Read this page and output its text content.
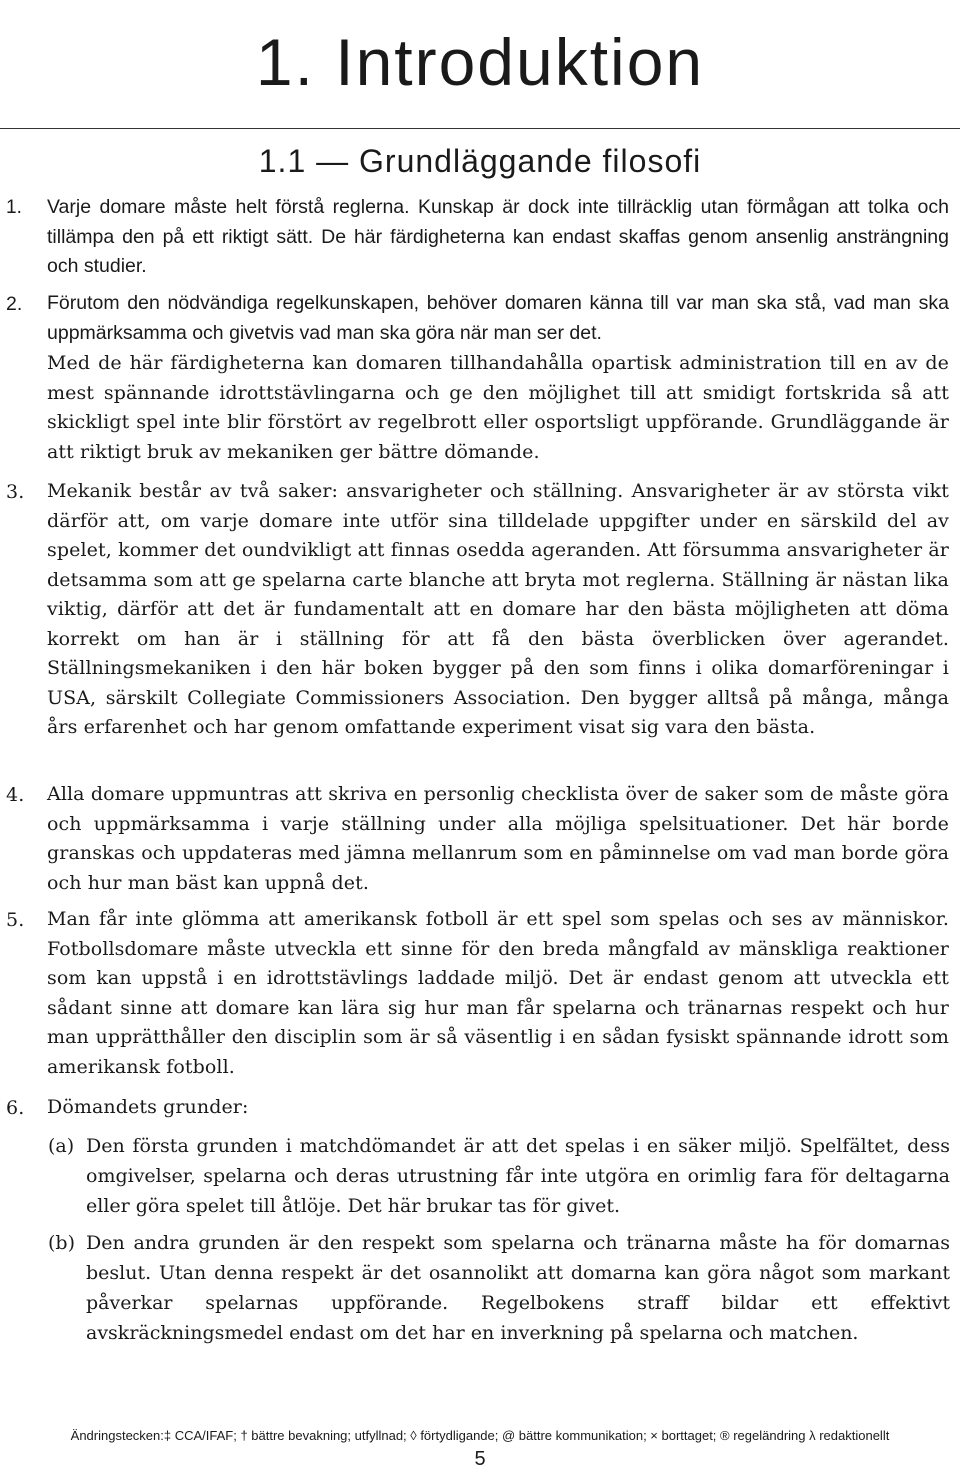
1. Introduktion
1.1 — Grundläggande filosofi
1. Varje domare måste helt förstå reglerna. Kunskap är dock inte tillräcklig utan förmågan att tolka och tillämpa den på ett riktigt sätt. De här färdigheterna kan endast skaffas genom ansenlig ansträngning och studier.
2. Förutom den nödvändiga regelkunskapen, behöver domaren känna till var man ska stå, vad man ska uppmärksamma och givetvis vad man ska göra när man ser det.
Med de här färdigheterna kan domaren tillhandahålla opartisk administration till en av de mest spännande idrottstävlingarna och ge den möjlighet till att smidigt fortskrida så att skickligt spel inte blir förstört av regelbrott eller osportsligt uppförande. Grundläggande är att riktigt bruk av mekaniken ger bättre dömande.
3. Mekanik består av två saker: ansvarigheter och ställning. Ansvarigheter är av största vikt därför att, om varje domare inte utför sina tilldelade uppgifter under en särskild del av spelet, kommer det oundvikligt att finnas osedda ageranden. Att försumma ansvarigheter är detsamma som att ge spelarna carte blanche att bryta mot reglerna. Ställning är nästan lika viktig, därför att det är fundamentalt att en domare har den bästa möjligheten att döma korrekt om han är i ställning för att få den bästa överblicken över agerandet. Ställningsmekaniken i den här boken bygger på den som finns i olika domarföreningar i USA, särskilt Collegiate Commissioners Association. Den bygger alltså på många, många års erfarenhet och har genom omfattande experiment visat sig vara den bästa.
4. Alla domare uppmuntras att skriva en personlig checklista över de saker som de måste göra och uppmärksamma i varje ställning under alla möjliga spelsituationer. Det här borde granskas och uppdateras med jämna mellanrum som en påminnelse om vad man borde göra och hur man bäst kan uppnå det.
5. Man får inte glömma att amerikansk fotboll är ett spel som spelas och ses av människor. Fotbollsdomare måste utveckla ett sinne för den breda mångfald av mänskliga reaktioner som kan uppstå i en idrottstävlings laddade miljö. Det är endast genom att utveckla ett sådant sinne att domare kan lära sig hur man får spelarna och tränarnas respekt och hur man upprätthåller den disciplin som är så väsentlig i en sådan fysiskt spännande idrott som amerikansk fotboll.
6. Dömandets grunder:
(a) Den första grunden i matchdömandet är att det spelas i en säker miljö. Spelfältet, dess omgivelser, spelarna och deras utrustning får inte utgöra en orimlig fara för deltagarna eller göra spelet till åtlöje. Det här brukar tas för givet.
(b) Den andra grunden är den respekt som spelarna och tränarna måste ha för domarnas beslut. Utan denna respekt är det osannolikt att domarna kan göra något som markant påverkar spelarnas uppförande. Regelbokens straff bildar ett effektivt avskräckningsmedel endast om det har en inverkning på spelarna och matchen.
Ändringstecken:‡ CCA/IFAF; † bättre bevakning; utfyllnad; ◊ förtydligande; @ bättre kommunikation; × borttaget; ® regeländring λ redaktionellt
5
